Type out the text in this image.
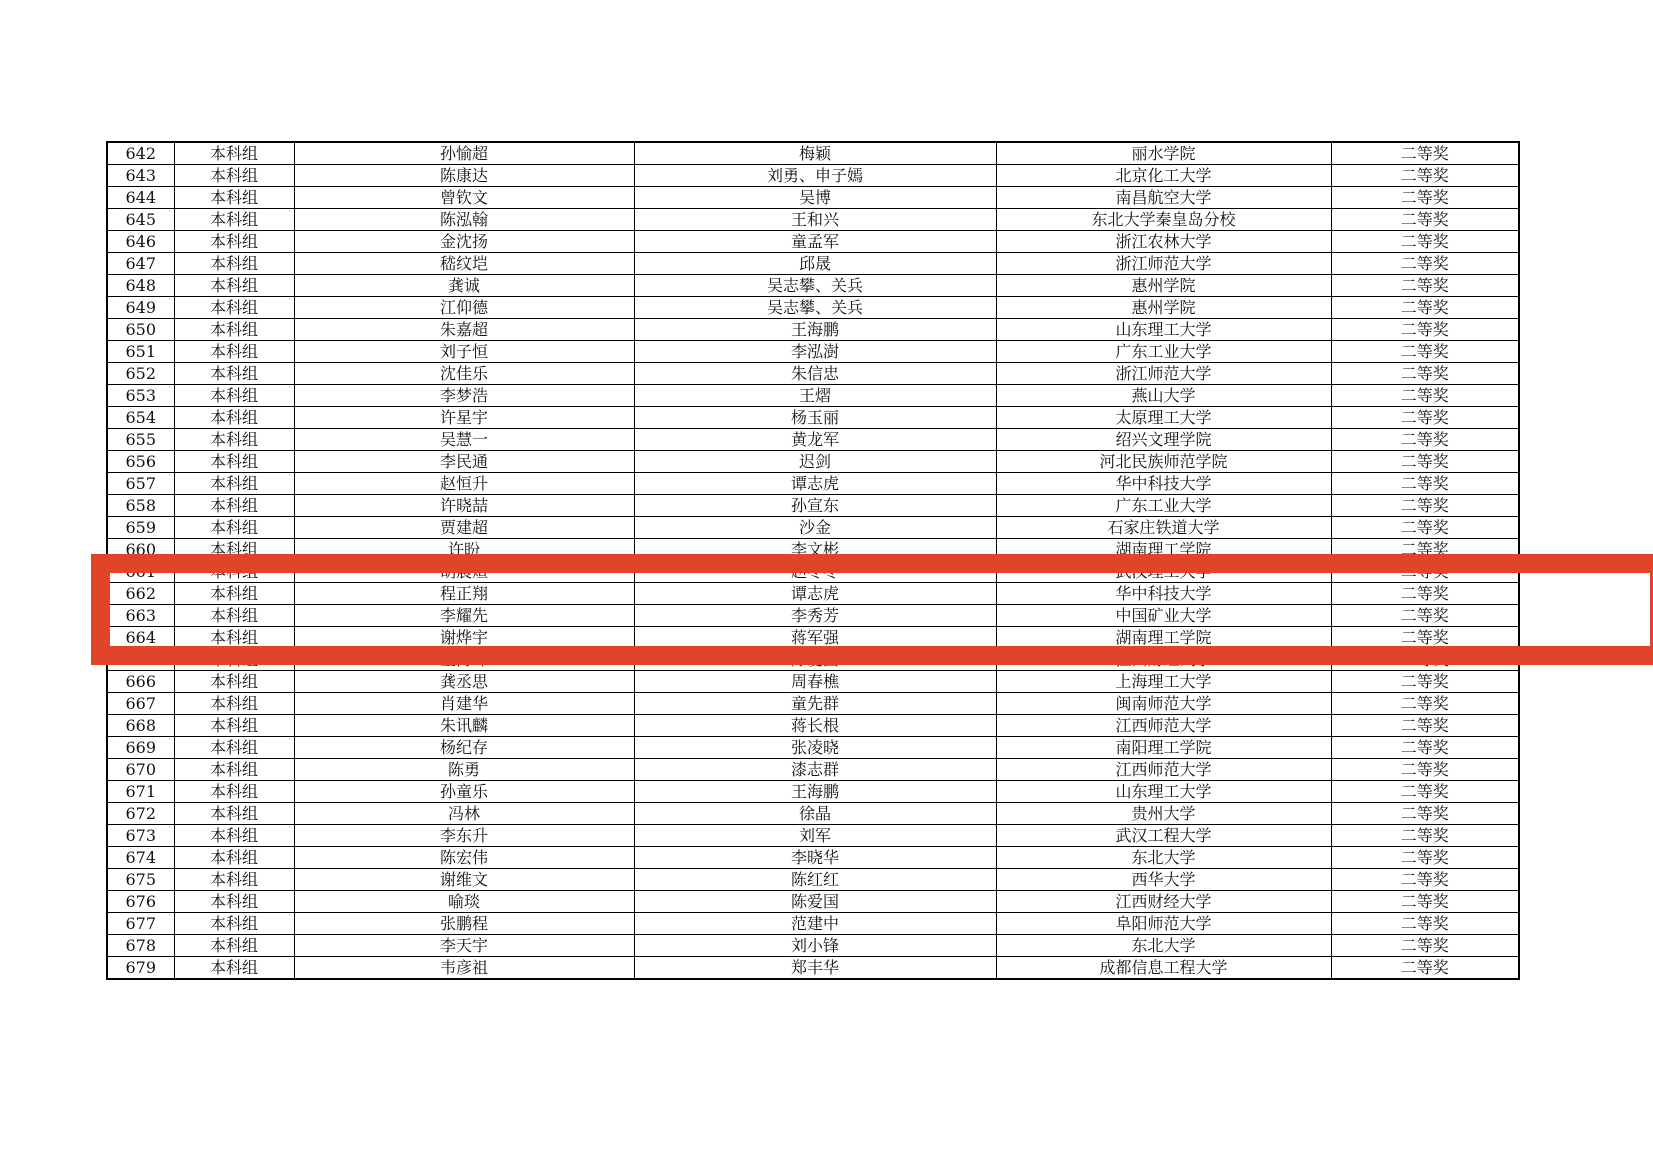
642	本科组	孙愉超	梅颖	丽水学院	二等奖
643	本科组	陈康达	刘勇、申子嫣	北京化工大学	二等奖
644	本科组	曾钦文	吴博	南昌航空大学	二等奖
645	本科组	陈泓翰	王和兴	东北大学秦皇岛分校	二等奖
646	本科组	金沈扬	童孟军	浙江农林大学	二等奖
647	本科组	嵇纹垲	邱晟	浙江师范大学	二等奖
648	本科组	龚诚	吴志攀、关兵	惠州学院	二等奖
649	本科组	江仰德	吴志攀、关兵	惠州学院	二等奖
650	本科组	朱嘉超	王海鹏	山东理工大学	二等奖
651	本科组	刘子恒	李泓澍	广东工业大学	二等奖
652	本科组	沈佳乐	朱信忠	浙江师范大学	二等奖
653	本科组	李梦浩	王熠	燕山大学	二等奖
654	本科组	许星宇	杨玉丽	太原理工大学	二等奖
655	本科组	吴慧一	黄龙军	绍兴文理学院	二等奖
656	本科组	李民通	迟剑	河北民族师范学院	二等奖
657	本科组	赵恒升	谭志虎	华中科技大学	二等奖
658	本科组	许晓喆	孙宣东	广东工业大学	二等奖
659	本科组	贾建超	沙金	石家庄铁道大学	二等奖
660	本科组	许盼	李文彬	湖南理工学院	二等奖
661	本科组	胡晨煊	赵冬冬	武汉理工大学	二等奖
662	本科组	程正翔	谭志虎	华中科技大学	二等奖
663	本科组	李耀先	李秀芳	中国矿业大学	二等奖
664	本科组	谢烨宇	蒋军强	湖南理工学院	二等奖
665	本科组	王海峰	陈爱国	江西财经大学	二等奖
666	本科组	龚丞思	周春樵	上海理工大学	二等奖
667	本科组	肖建华	童先群	闽南师范大学	二等奖
668	本科组	朱讯麟	蒋长根	江西师范大学	二等奖
669	本科组	杨纪存	张凌晓	南阳理工学院	二等奖
670	本科组	陈勇	漆志群	江西师范大学	二等奖
671	本科组	孙童乐	王海鹏	山东理工大学	二等奖
672	本科组	冯林	徐晶	贵州大学	二等奖
673	本科组	李东升	刘军	武汉工程大学	二等奖
674	本科组	陈宏伟	李晓华	东北大学	二等奖
675	本科组	谢维文	陈红红	西华大学	二等奖
676	本科组	喻琰	陈爱国	江西财经大学	二等奖
677	本科组	张鹏程	范建中	阜阳师范大学	二等奖
678	本科组	李天宇	刘小锋	东北大学	二等奖
679	本科组	韦彦祖	郑丰华	成都信息工程大学	二等奖
